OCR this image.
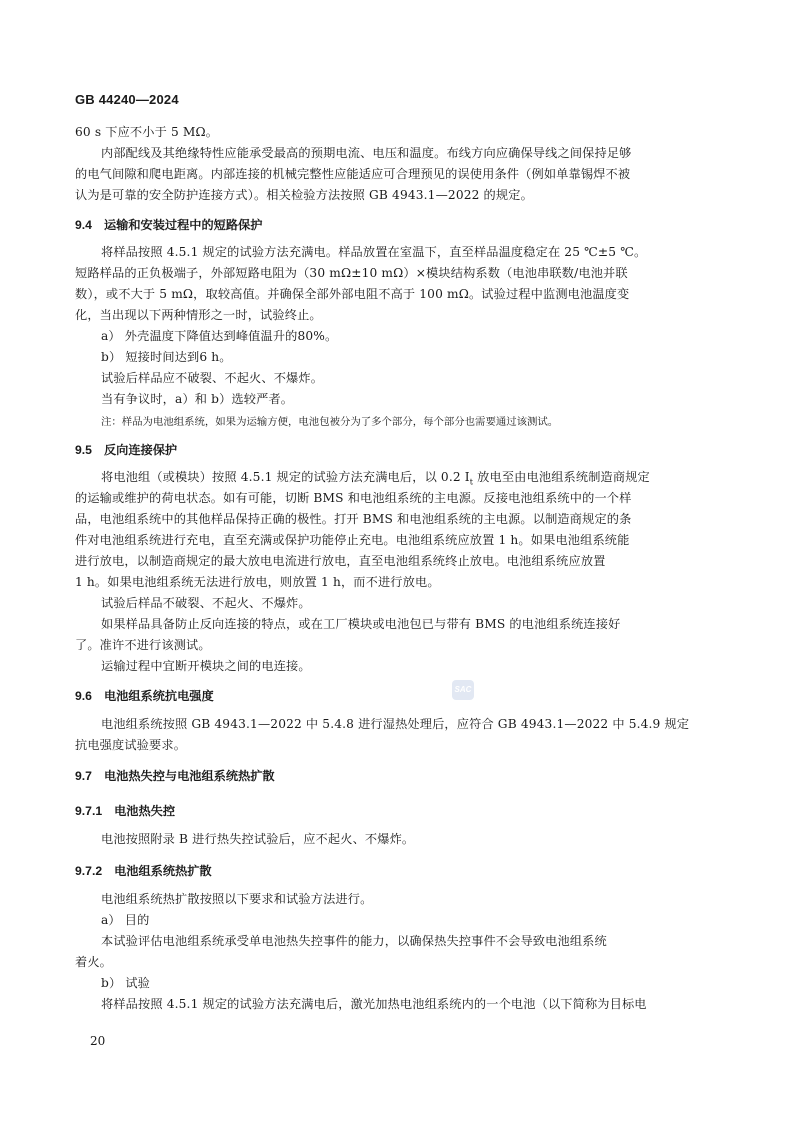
GB 44240—2024
60 s 下应不小于 5 MΩ。
内部配线及其绝缘特性应能承受最高的预期电流、电压和温度。布线方向应确保导线之间保持足够
的电气间隙和爬电距离。内部连接的机械完整性应能适应可合理预见的误使用条件（例如单靠锡焊不被
认为是可靠的安全防护连接方式）。相关检验方法按照 GB 4943.1—2022 的规定。
9.4 运输和安装过程中的短路保护
将样品按照 4.5.1 规定的试验方法充满电。样品放置在室温下，直至样品温度稳定在 25 ℃±5 ℃。
短路样品的正负极端子，外部短路电阻为（30 mΩ±10 mΩ）×模块结构系数（电池串联数/电池并联
数），或不大于 5 mΩ，取较高值。并确保全部外部电阻不高于 100 mΩ。试验过程中监测电池温度变
化，当出现以下两种情形之一时，试验终止。
a） 外壳温度下降值达到峰值温升的80%。
b） 短接时间达到6 h。
试验后样品应不破裂、不起火、不爆炸。
当有争议时，a）和 b）选较严者。
注：样品为电池组系统，如果为运输方便，电池包被分为了多个部分，每个部分也需要通过该测试。
9.5 反向连接保护
将电池组（或模块）按照 4.5.1 规定的试验方法充满电后，以 0.2 $I_t$ 放电至由电池组系统制造商规定
的运输或维护的荷电状态。如有可能，切断 BMS 和电池组系统的主电源。反接电池组系统中的一个样
品，电池组系统中的其他样品保持正确的极性。打开 BMS 和电池组系统的主电源。以制造商规定的条
件对电池组系统进行充电，直至充满或保护功能停止充电。电池组系统应放置 1 h。如果电池组系统能
进行放电，以制造商规定的最大放电电流进行放电，直至电池组系统终止放电。电池组系统应放置
1 h。如果电池组系统无法进行放电，则放置 1 h，而不进行放电。
试验后样品不破裂、不起火、不爆炸。
如果样品具备防止反向连接的特点，或在工厂模块或电池包已与带有 BMS 的电池组系统连接好
了。准许不进行该测试。
运输过程中宜断开模块之间的电连接。
9.6 电池组系统抗电强度	SAC
电池组系统按照 GB 4943.1—2022 中 5.4.8 进行湿热处理后，应符合 GB 4943.1—2022 中 5.4.9 规定
抗电强度试验要求。
9.7 电池热失控与电池组系统热扩散
9.7.1 电池热失控
电池按照附录 B 进行热失控试验后，应不起火、不爆炸。
9.7.2 电池组系统热扩散
电池组系统热扩散按照以下要求和试验方法进行。
a） 目的
本试验评估电池组系统承受单电池热失控事件的能力，以确保热失控事件不会导致电池组系统
着火。
b） 试验
将样品按照 4.5.1 规定的试验方法充满电后，激光加热电池组系统内的一个电池（以下简称为目标电
20
